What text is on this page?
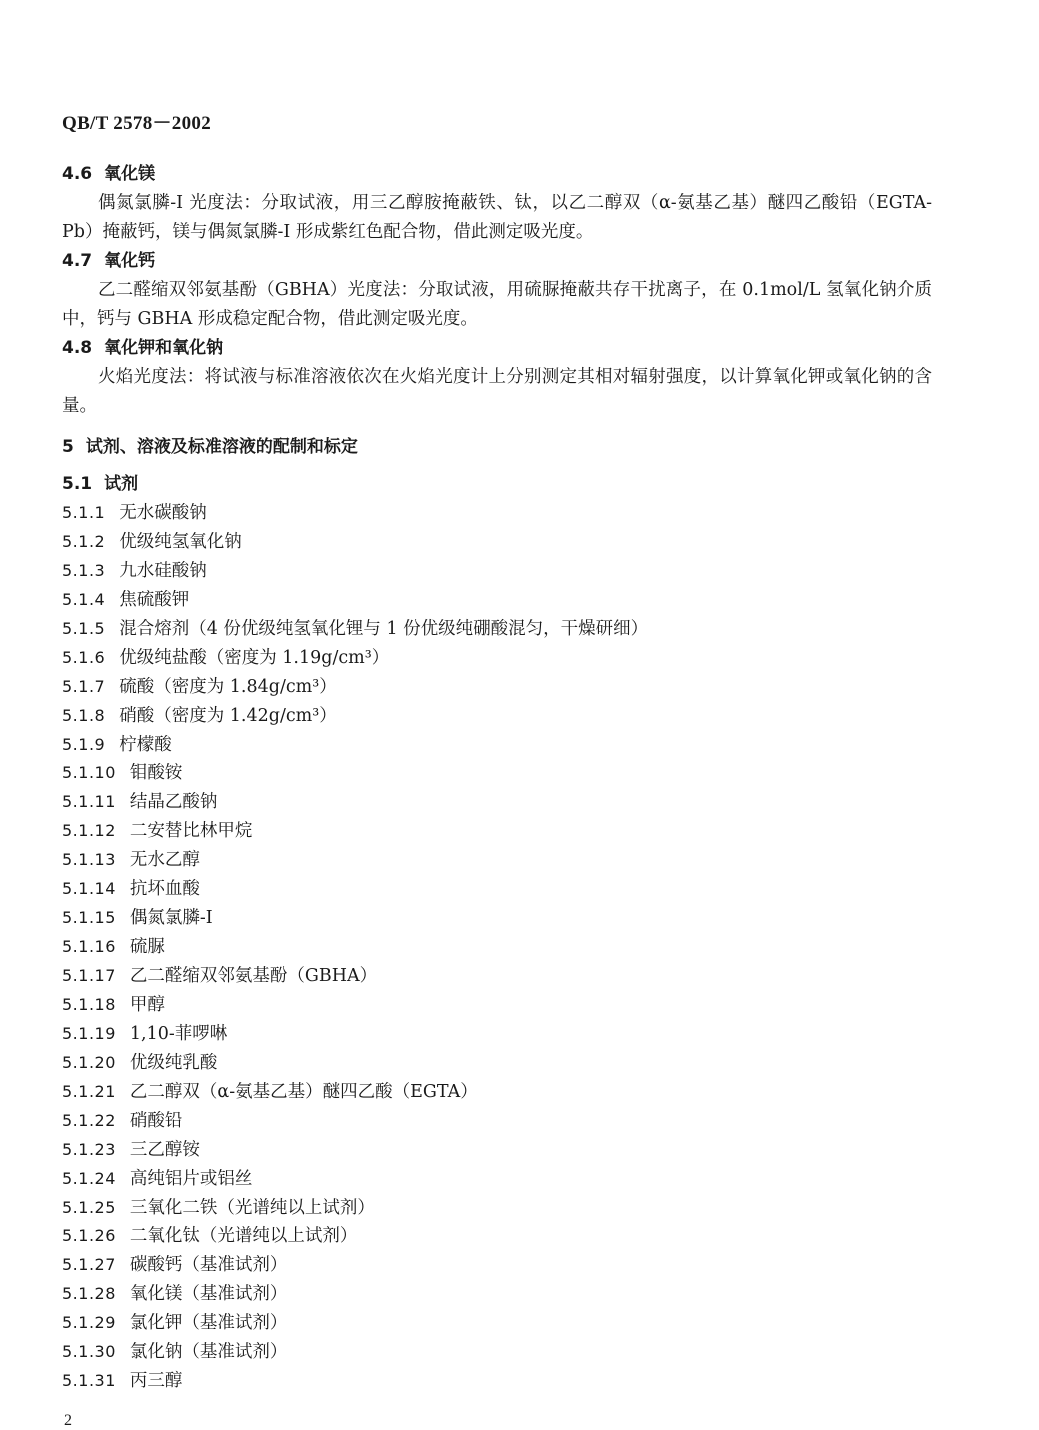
QB/T 2578－2002
4.6 氧化镁

偶氮氯膦-I 光度法：分取试液，用三乙醇胺掩蔽铁、钛，以乙二醇双（α-氨基乙基）醚四乙酸铅（EGTA-Pb）掩蔽钙，镁与偶氮氯膦-I 形成紫红色配合物，借此测定吸光度。

4.7 氧化钙

乙二醛缩双邻氨基酚（GBHA）光度法：分取试液，用硫脲掩蔽共存干扰离子，在 0.1mol/L 氢氧化钠介质中，钙与 GBHA 形成稳定配合物，借此测定吸光度。

4.8 氧化钾和氧化钠

火焰光度法：将试液与标准溶液依次在火焰光度计上分别测定其相对辐射强度，以计算氧化钾或氧化钠的含量。

5 试剂、溶液及标准溶液的配制和标定
5.1 试剂
5.1.1 无水碳酸钠
5.1.2 优级纯氢氧化钠
5.1.3 九水硅酸钠
5.1.4 焦硫酸钾
5.1.5 混合熔剂（4 份优级纯氢氧化锂与 1 份优级纯硼酸混匀，干燥研细）
5.1.6 优级纯盐酸（密度为 1.19g/cm³）
5.1.7 硫酸（密度为 1.84g/cm³）
5.1.8 硝酸（密度为 1.42g/cm³）
5.1.9 柠檬酸
5.1.10 钼酸铵
5.1.11 结晶乙酸钠
5.1.12 二安替比林甲烷
5.1.13 无水乙醇
5.1.14 抗坏血酸
5.1.15 偶氮氯膦-I
5.1.16 硫脲
5.1.17 乙二醛缩双邻氨基酚（GBHA）
5.1.18 甲醇
5.1.19 1,10-菲啰啉
5.1.20 优级纯乳酸
5.1.21 乙二醇双（α-氨基乙基）醚四乙酸（EGTA）
5.1.22 硝酸铅
5.1.23 三乙醇铵
5.1.24 高纯铝片或铝丝
5.1.25 三氧化二铁（光谱纯以上试剂）
5.1.26 二氧化钛（光谱纯以上试剂）
5.1.27 碳酸钙（基准试剂）
5.1.28 氧化镁（基准试剂）
5.1.29 氯化钾（基准试剂）
5.1.30 氯化钠（基准试剂）
5.1.31 丙三醇
2
